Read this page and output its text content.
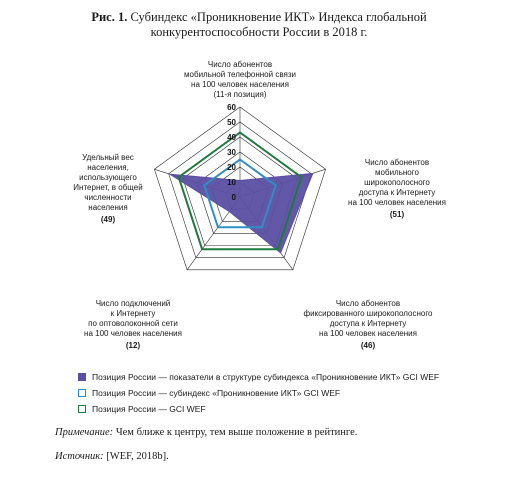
Рис. 1. Субиндекс «Проникновение ИКТ» Индекса глобальной
конкурентоспособности России в 2018 г.
0
10
20
30
40
50
60
Число абонентов
мобильной телефонной связи
на 100 человек населения
(11-я позиция)
Число абонентов
мобильного
широкополосного
доступа к Интернету
на 100 человек населения
(51)
Число абонентов
фиксированного широкополосного
доступа к Интернету
на 100 человек населения
(46)
Число подключений
к Интернету
по оптоволоконной сети
на 100 человек населения
(12)
Удельный вес
населения,
использующего
Интернет, в общей
численности
населения
(49)
Позиция России — показатели в структуре субиндекса «Проникновение ИКТ» GCI WEF
Позиция России — субиндекс «Проникновение ИКТ» GCI WEF
Позиция России — GCI WEF
Примечание: Чем ближе к центру, тем выше положение в рейтинге.
Источник: [WEF, 2018b].
